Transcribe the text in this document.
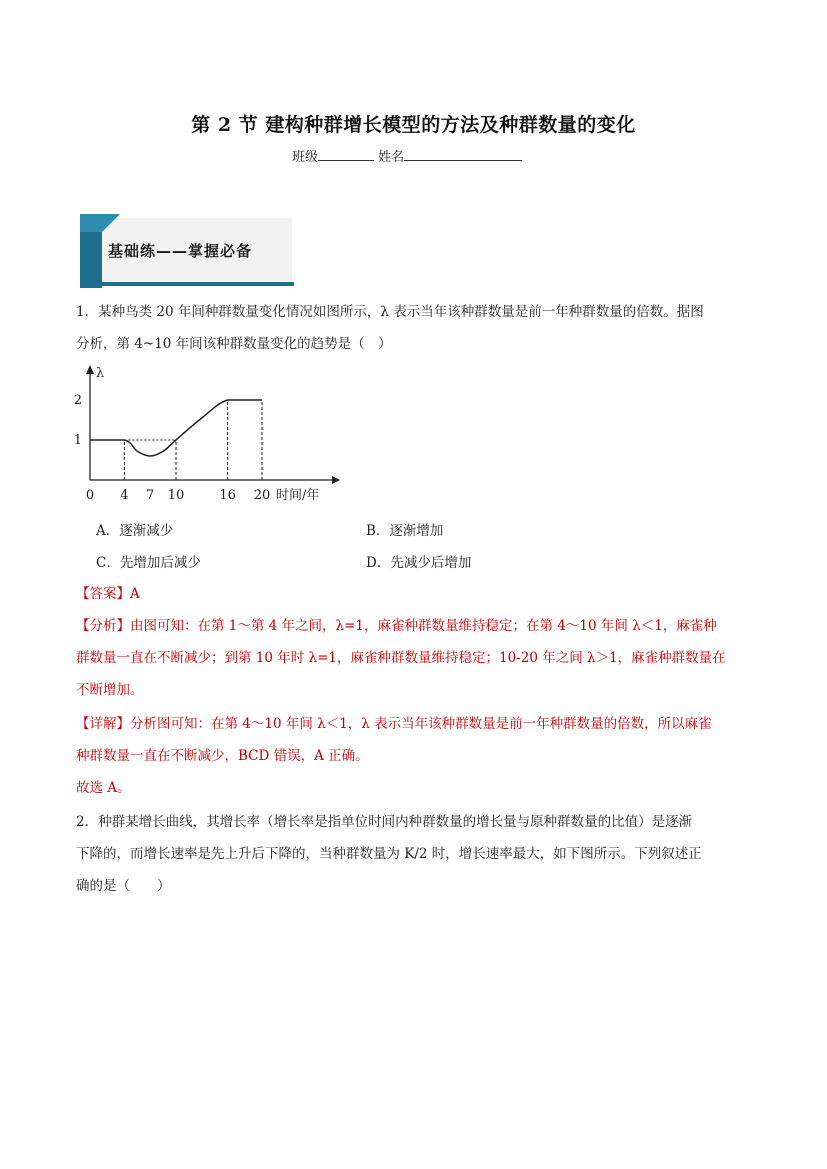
第 2 节 建构种群增长模型的方法及种群数量的变化
班级	姓名
基础练——掌握必备
1．某种鸟类 20 年间种群数量变化情况如图所示，λ 表示当年该种群数量是前一年种群数量的倍数。据图
分析，第 4~10 年间该种群数量变化的趋势是（　）
λ
时间/年
0 4 7 10	16 20
1
2
A．逐渐减少	B．逐渐增加
C．先增加后减少	D．先减少后增加
【答案】A
【分析】由图可知：在第 1～第 4 年之间，λ=1，麻雀种群数量维持稳定；在第 4～10 年间 λ＜1，麻雀种
群数量一直在不断减少；到第 10 年时 λ=1，麻雀种群数量维持稳定；10-20 年之间 λ＞1，麻雀种群数量在
不断增加。
【详解】分析图可知：在第 4～10 年间 λ＜1，λ 表示当年该种群数量是前一年种群数量的倍数，所以麻雀
种群数量一直在不断减少，BCD 错误，A 正确。
故选 A。
2．种群某增长曲线，其增长率（增长率是指单位时间内种群数量的增长量与原种群数量的比值）是逐渐
下降的，而增长速率是先上升后下降的，当种群数量为 K/2 时，增长速率最大，如下图所示。下列叙述正
确的是（　　）
